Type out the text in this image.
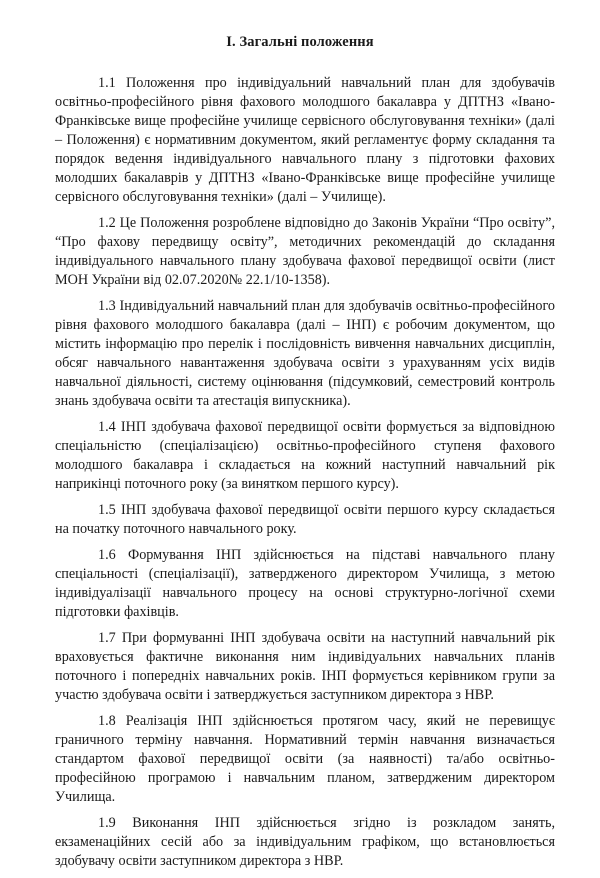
I. Загальні положення

1.1 Положення про індивідуальний навчальний план для здобувачів освітньо-професійного рівня фахового молодшого бакалавра у ДПТНЗ «Івано-Франківське вище професійне училище сервісного обслуговування техніки» (далі – Положення) є нормативним документом, який регламентує форму складання та порядок ведення індивідуального навчального плану з підготовки фахових молодших бакалаврів у ДПТНЗ «Івано-Франківське вище професійне училище сервісного обслуговування техніки» (далі – Училище).

1.2 Це Положення розроблене відповідно до Законів України “Про освіту”, “Про фахову передвищу освіту”, методичних рекомендацій до складання індивідуального навчального плану здобувача фахової передвищої освіти (лист МОН України від 02.07.2020№ 22.1/10-1358).

1.3 Індивідуальний навчальний план для здобувачів освітньо-професійного рівня фахового молодшого бакалавра (далі – ІНП) є робочим документом, що містить інформацію про перелік і послідовність вивчення навчальних дисциплін, обсяг навчального навантаження здобувача освіти з урахуванням усіх видів навчальної діяльності, систему оцінювання (підсумковий, семестровий контроль знань здобувача освіти та атестація випускника).

1.4 ІНП здобувача фахової передвищої освіти формується за відповідною спеціальністю (спеціалізацією) освітньо-професійного ступеня фахового молодшого бакалавра і складається на кожний наступний навчальний рік наприкінці поточного року (за винятком першого курсу).

1.5 ІНП здобувача фахової передвищої освіти першого курсу складається на початку поточного навчального року.

1.6 Формування ІНП здійснюється на підставі навчального плану спеціальності (спеціалізації), затвердженого директором Училища, з метою індивідуалізації навчального процесу на основі структурно-логічної схеми підготовки фахівців.

1.7 При формуванні ІНП здобувача освіти на наступний навчальний рік враховується фактичне виконання ним індивідуальних навчальних планів поточного і попередніх навчальних років. ІНП формується керівником групи за участю здобувача освіти і затверджується заступником директора з НВР.

1.8 Реалізація ІНП здійснюється протягом часу, який не перевищує граничного терміну навчання. Нормативний термін навчання визначається стандартом фахової передвищої освіти (за наявності) та/або освітньо-професійною програмою і навчальним планом, затвердженим директором Училища.

1.9 Виконання ІНП здійснюється згідно із розкладом занять, екзаменаційних сесій або за індивідуальним графіком, що встановлюється здобувачу освіти заступником директора з НВР.
